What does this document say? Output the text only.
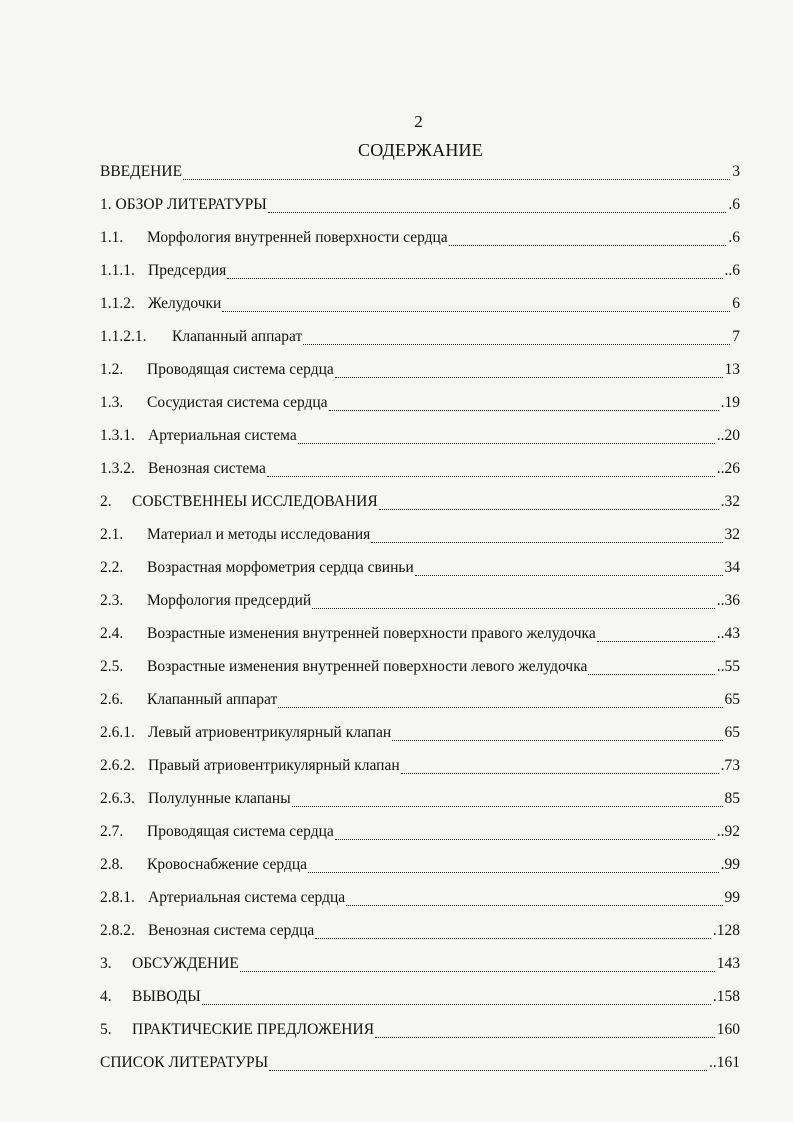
2
СОДЕРЖАНИЕ
ВВЕДЕНИЕ	3
1. ОБЗОР ЛИТЕРАТУРЫ	.6
1.1.	Морфология внутренней поверхности сердца	.6
1.1.1. Предсердия	..6
1.1.2. Желудочки	6
1.1.2.1.	Клапанный аппарат	7
1.2.	Проводящая система сердца	13
1.3.	Сосудистая система сердца	.19
1.3.1. Артериальная система	..20
1.3.2. Венозная система	..26
2.	СОБСТВЕННЕЫ ИССЛЕДОВАНИЯ	.32
2.1.	Материал и методы исследования	32
2.2.	Возрастная морфометрия сердца свиньи	34
2.3.	Морфология предсердий	..36
2.4.	Возрастные изменения внутренней поверхности правого желудочка	..43
2.5.	Возрастные изменения внутренней поверхности левого желудочка	..55
2.6.	Клапанный аппарат	65
2.6.1. Левый атриовентрикулярный клапан	65
2.6.2. Правый атриовентрикулярный клапан	.73
2.6.3. Полулунные клапаны	85
2.7.	Проводящая система сердца	..92
2.8.	Кровоснабжение сердца	.99
2.8.1. Артериальная система сердца	99
2.8.2. Венозная система сердца	.128
3.	ОБСУЖДЕНИЕ	143
4.	ВЫВОДЫ	.158
5.	ПРАКТИЧЕСКИЕ ПРЕДЛОЖЕНИЯ	160
СПИСОК ЛИТЕРАТУРЫ	..161
